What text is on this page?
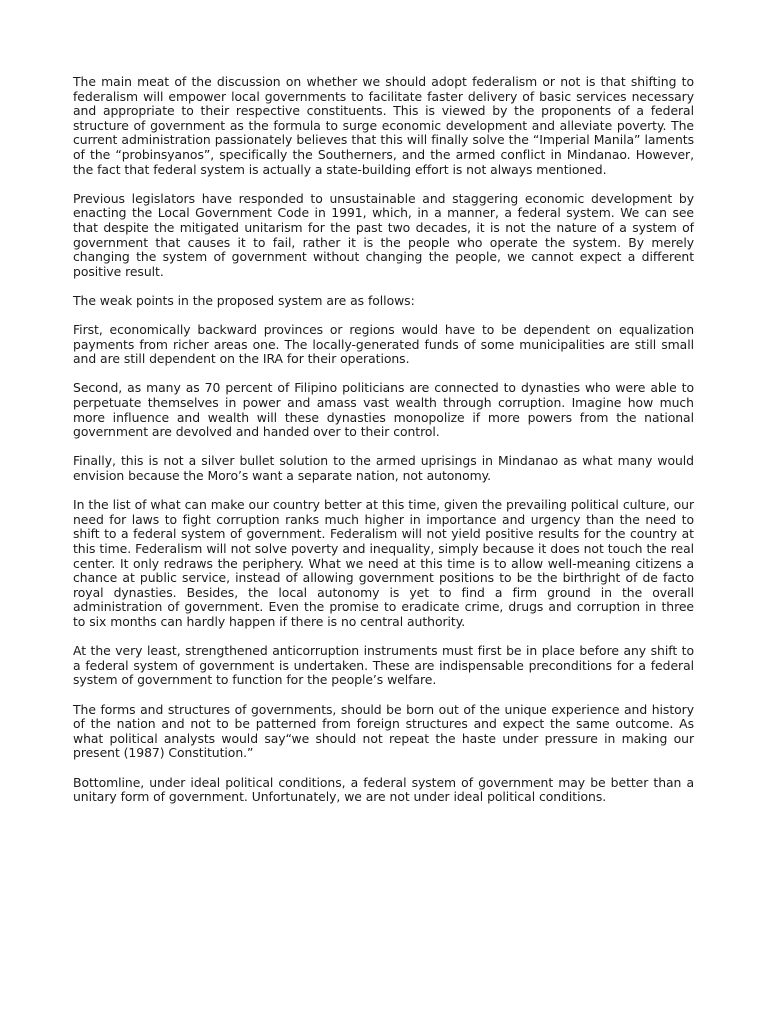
The main meat of the discussion on whether we should adopt federalism or not is that shifting to federalism will empower local governments to facilitate faster delivery of basic services necessary and appropriate to their respective constituents. This is viewed by the proponents of a federal structure of government as the formula to surge economic development and alleviate poverty. The current administration passionately believes that this will finally solve the “Imperial Manila” laments of the “probinsyanos”, specifically the Southerners, and the armed conflict in Mindanao. However, the fact that federal system is actually a state-building effort is not always mentioned.

Previous legislators have responded to unsustainable and staggering economic development by enacting the Local Government Code in 1991, which, in a manner, a federal system. We can see that despite the mitigated unitarism for the past two decades, it is not the nature of a system of government that causes it to fail, rather it is the people who operate the system. By merely changing the system of government without changing the people, we cannot expect a different positive result.

The weak points in the proposed system are as follows:

First, economically backward provinces or regions would have to be dependent on equalization payments from richer areas one. The locally-generated funds of some municipalities are still small and are still dependent on the IRA for their operations.

Second, as many as 70 percent of Filipino politicians are connected to dynasties who were able to perpetuate themselves in power and amass vast wealth through corruption. Imagine how much more influence and wealth will these dynasties monopolize if more powers from the national government are devolved and handed over to their control.

Finally, this is not a silver bullet solution to the armed uprisings in Mindanao as what many would envision because the Moro’s want a separate nation, not autonomy.

In the list of what can make our country better at this time, given the prevailing political culture, our need for laws to fight corruption ranks much higher in importance and urgency than the need to shift to a federal system of government. Federalism will not yield positive results for the country at this time. Federalism will not solve poverty and inequality, simply because it does not touch the real center. It only redraws the periphery. What we need at this time is to allow well-meaning citizens a chance at public service, instead of allowing government positions to be the birthright of de facto royal dynasties. Besides, the local autonomy is yet to find a firm ground in the overall administration of government. Even the promise to eradicate crime, drugs and corruption in three to six months can hardly happen if there is no central authority.

At the very least, strengthened anticorruption instruments must first be in place before any shift to a federal system of government is undertaken. These are indispensable preconditions for a federal system of government to function for the people’s welfare.

The forms and structures of governments, should be born out of the unique experience and history of the nation and not to be patterned from foreign structures and expect the same outcome. As what political analysts would say“we should not repeat the haste under pressure in making our present (1987) Constitution.”

Bottomline, under ideal political conditions, a federal system of government may be better than a unitary form of government. Unfortunately, we are not under ideal political conditions.
